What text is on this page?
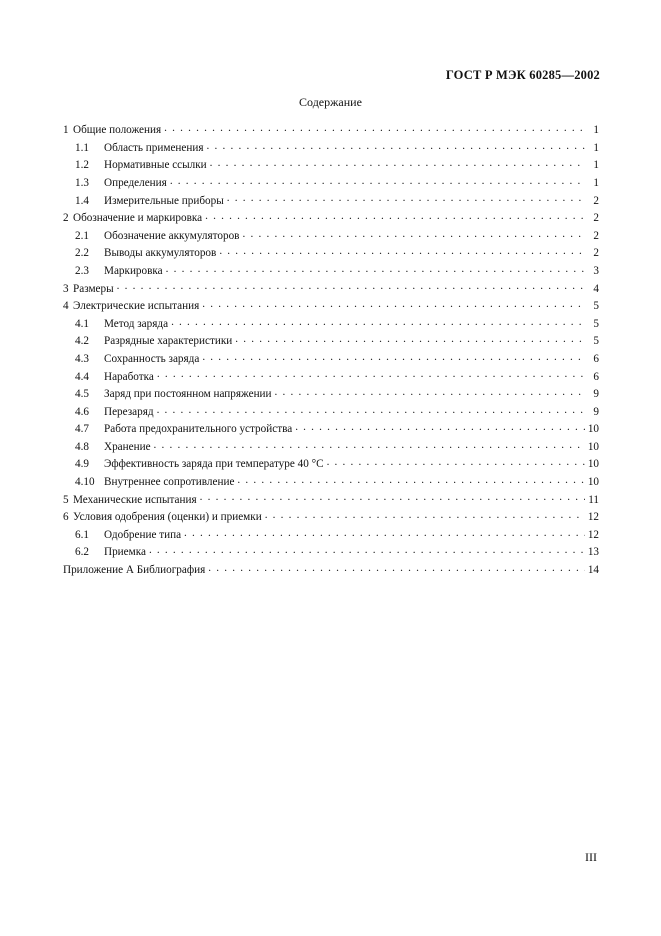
ГОСТ Р МЭК 60285—2002
Содержание
1 Общие положения . . .	1
1.1	Область применения . . .	1
1.2	Нормативные ссылки . . .	1
1.3	Определения . . .	1
1.4	Измерительные приборы . . .	2
2 Обозначение и маркировка . . .	2
2.1	Обозначение аккумуляторов . . .	2
2.2	Выводы аккумуляторов . . .	2
2.3	Маркировка . . .	3
3 Размеры . . .	4
4 Электрические испытания . . .	5
4.1	Метод заряда . . .	5
4.2	Разрядные характеристики . . .	5
4.3	Сохранность заряда . . .	6
4.4	Наработка . . .	6
4.5	Заряд при постоянном напряжении . . .	9
4.6	Перезаряд . . .	9
4.7	Работа предохранительного устройства . . .	10
4.8	Хранение . . .	10
4.9	Эффективность заряда при температуре 40 °С . . .	10
4.10 Внутреннее сопротивление . . .	10
5 Механические испытания . . .	11
6 Условия одобрения (оценки) и приемки . . .	12
6.1	Одобрение типа . . .	12
6.2	Приемка . . .	13
Приложение А Библиография . . .	14
III
